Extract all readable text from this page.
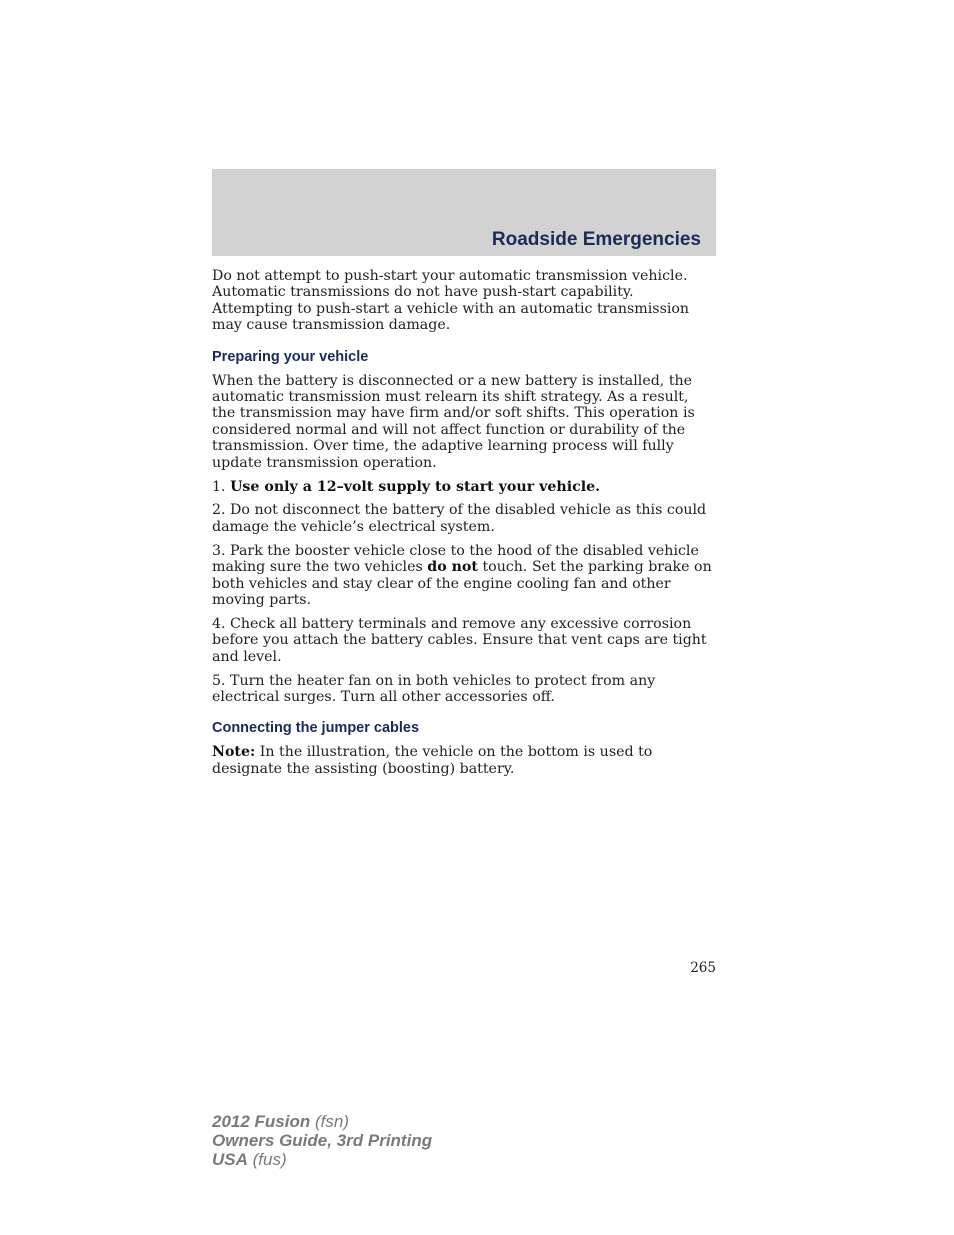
Roadside Emergencies

Do not attempt to push-start your automatic transmission vehicle. Automatic transmissions do not have push-start capability. Attempting to push-start a vehicle with an automatic transmission may cause transmission damage.

Preparing your vehicle

When the battery is disconnected or a new battery is installed, the automatic transmission must relearn its shift strategy. As a result, the transmission may have firm and/or soft shifts. This operation is considered normal and will not affect function or durability of the transmission. Over time, the adaptive learning process will fully update transmission operation.

1. Use only a 12–volt supply to start your vehicle.

2. Do not disconnect the battery of the disabled vehicle as this could damage the vehicle’s electrical system.

3. Park the booster vehicle close to the hood of the disabled vehicle making sure the two vehicles do not touch. Set the parking brake on both vehicles and stay clear of the engine cooling fan and other moving parts.

4. Check all battery terminals and remove any excessive corrosion before you attach the battery cables. Ensure that vent caps are tight and level.

5. Turn the heater fan on in both vehicles to protect from any electrical surges. Turn all other accessories off.

Connecting the jumper cables

Note: In the illustration, the vehicle on the bottom is used to designate the assisting (boosting) battery.

265
2012 Fusion (fsn)
Owners Guide, 3rd Printing
USA (fus)
